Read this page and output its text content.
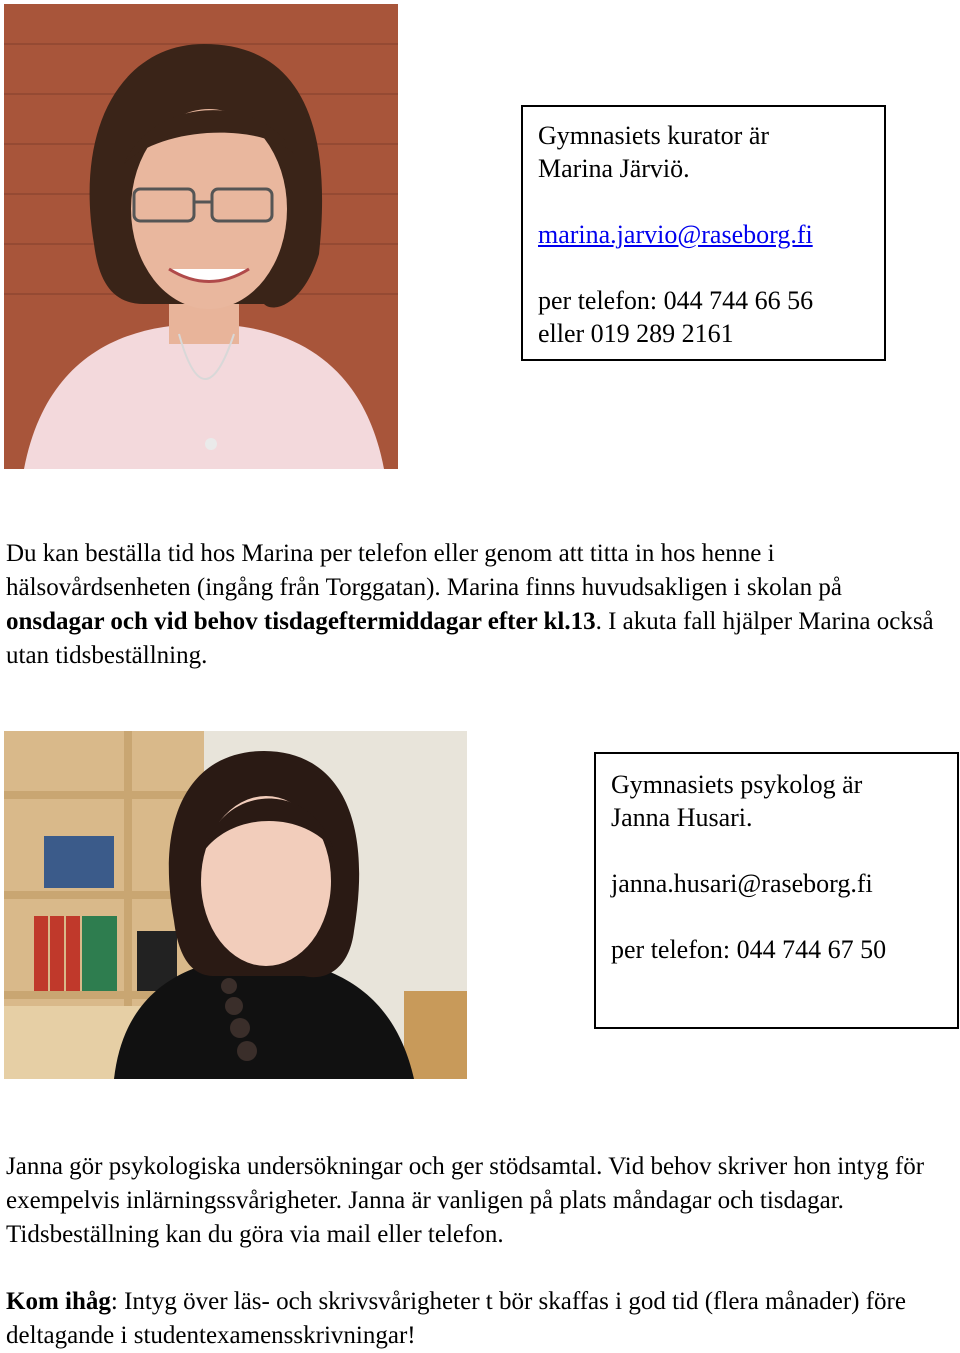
Gymnasiets kurator är
Marina Järviö.
marina.jarvio@raseborg.fi
per telefon: 044 744 66 56
eller 019 289 2161
Du kan beställa tid hos Marina per telefon eller genom att titta in hos henne i hälsovårdsenheten (ingång från Torggatan). Marina finns huvudsakligen i skolan på onsdagar och vid behov tisdageftermiddagar efter kl.13. I akuta fall hjälper Marina också utan tidsbeställning.
Gymnasiets psykolog är
Janna Husari.
janna.husari@raseborg.fi
per telefon: 044 744 67 50
Janna gör psykologiska undersökningar och ger stödsamtal. Vid behov skriver hon intyg för exempelvis inlärningssvårigheter. Janna är vanligen på plats måndagar och tisdagar. Tidsbeställning kan du göra via mail eller telefon.
Kom ihåg: Intyg över läs- och skrivsvårigheter t bör skaffas i god tid (flera månader) före deltagande i studentexamensskrivningar!
